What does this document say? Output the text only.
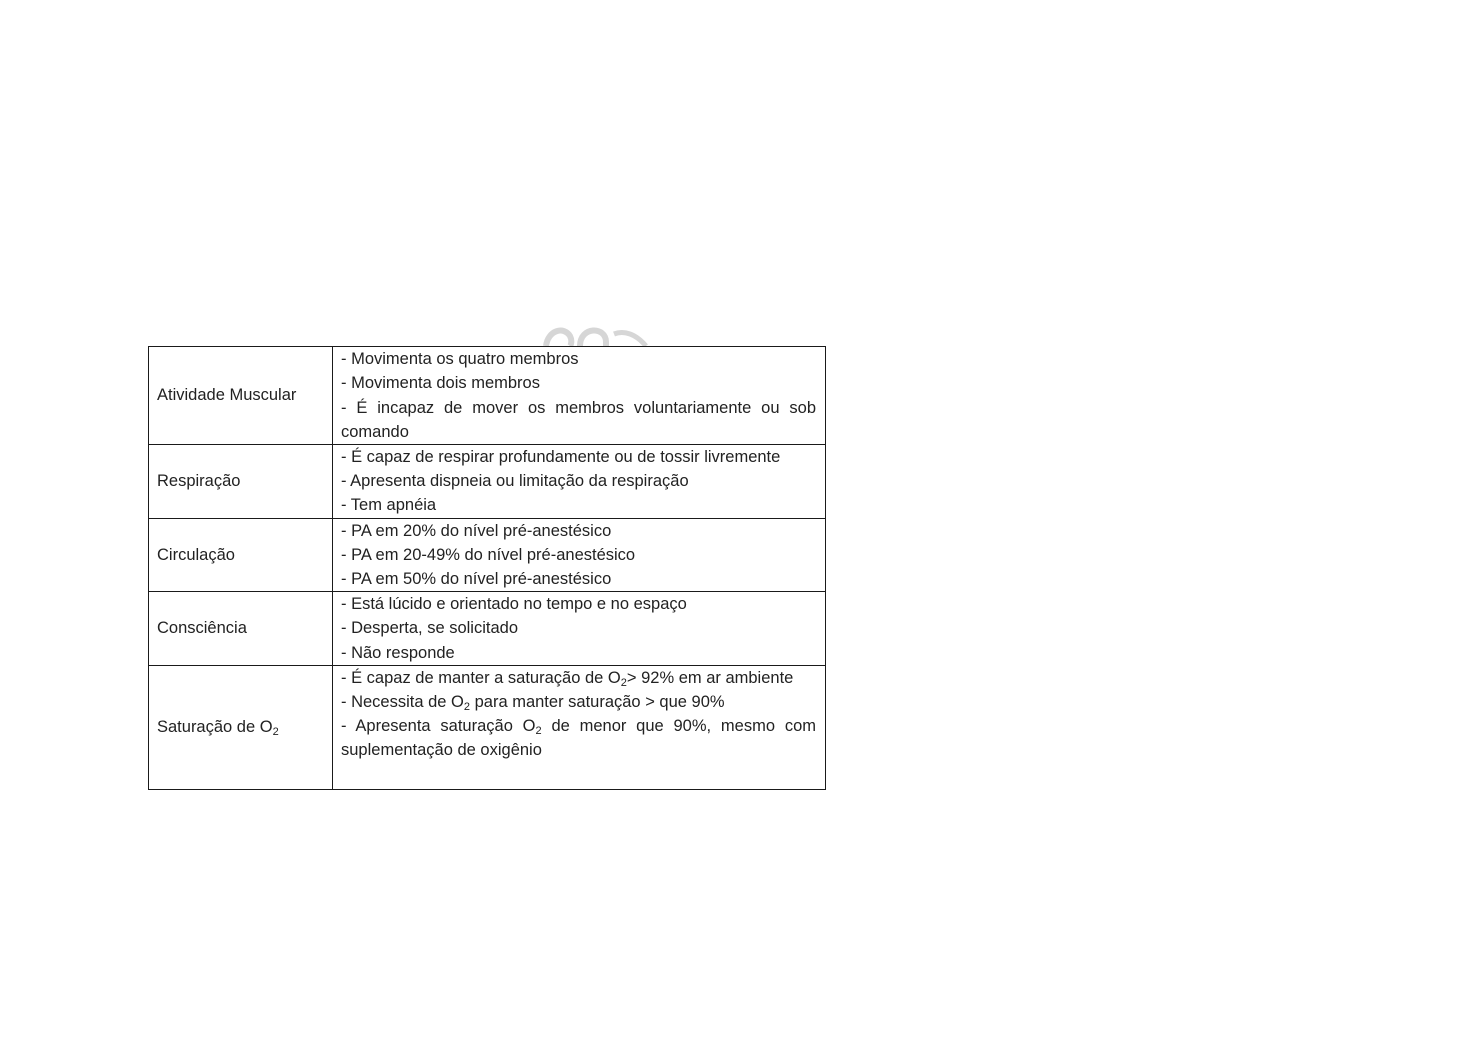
Atividade Muscular	- Movimenta os quatro membros
- Movimenta dois membros
- É incapaz de mover os membros voluntariamente ou sob
comando

Respiração	- É capaz de respirar profundamente ou de tossir livremente
- Apresenta dispneia ou limitação da respiração
- Tem apnéia

Circulação	- PA em 20% do nível pré-anestésico
- PA em 20-49% do nível pré-anestésico
- PA em 50% do nível pré-anestésico

Consciência	- Está lúcido e orientado no tempo e no espaço
- Desperta, se solicitado
- Não responde

Saturação de $O_2$	- É capaz de manter a saturação de $O_2> 92\%$ em ar ambiente
- Necessita de $O_2$ para manter saturação > que 90%
- Apresenta saturação $O_2$ de menor que 90%, mesmo com
suplementação de oxigênio
